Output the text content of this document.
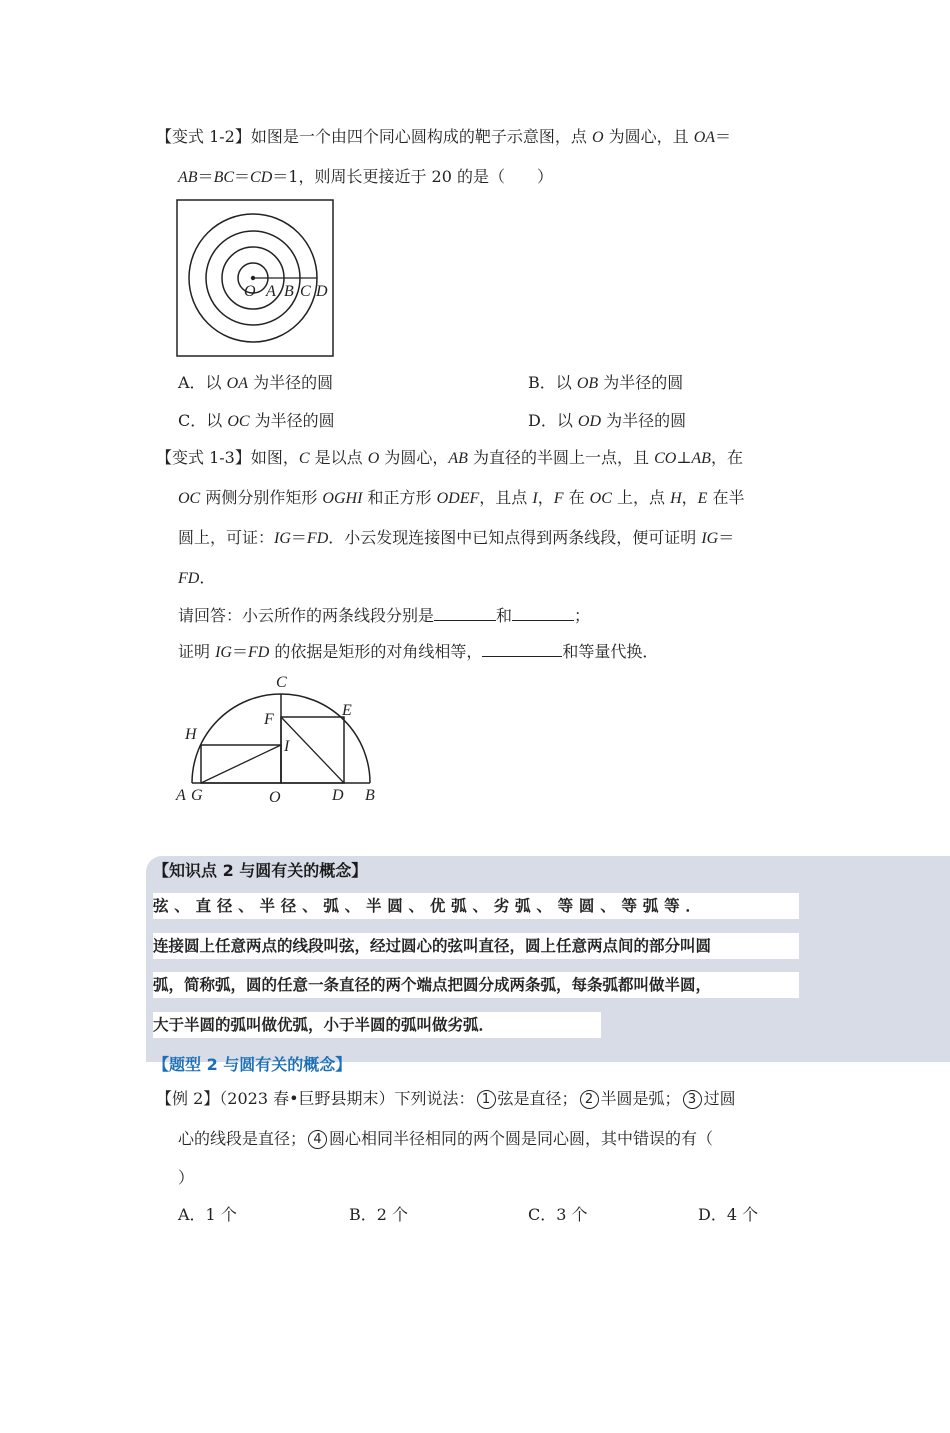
【变式 1-2】如图是一个由四个同心圆构成的靶子示意图，点 O 为圆心，且 OA＝
AB＝BC＝CD＝1，则周长更接近于 20 的是（　　）
O A B C D
A．以 OA 为半径的圆	B．以 OB 为半径的圆
C．以 OC 为半径的圆	D．以 OD 为半径的圆
【变式 1-3】如图，C 是以点 O 为圆心，AB 为直径的半圆上一点，且 CO⊥AB，在
OC 两侧分别作矩形 OGHI 和正方形 ODEF，且点 I，F 在 OC 上，点 H，E 在半
圆上，可证：IG＝FD．小云发现连接图中已知点得到两条线段，便可证明 IG＝
FD．
请回答：小云所作的两条线段分别是	和	；
证明 IG＝FD 的依据是矩形的对角线相等，	和等量代换．
C
E
F
H
I
A G	O	D B
【知识点 2 与圆有关的概念】
弦 、 直 径 、 半 径 、 弧 、 半 圆 、 优 弧 、 劣 弧 、 等 圆 、 等 弧 等 ．
连接圆上任意两点的线段叫弦，经过圆心的弦叫直径，圆上任意两点间的部分叫圆
弧，简称弧，圆的任意一条直径的两个端点把圆分成两条弧，每条弧都叫做半圆，
大于半圆的弧叫做优弧，小于半圆的弧叫做劣弧．
【题型 2 与圆有关的概念】
【例 2】（2023 春•巨野县期末）下列说法： 1 弦是直径； 2 半圆是弧； 3 过圆
心的线段是直径； 4 圆心相同半径相同的两个圆是同心圆，其中错误的有（
）
A．1 个	B．2 个	C．3 个	D．4 个
